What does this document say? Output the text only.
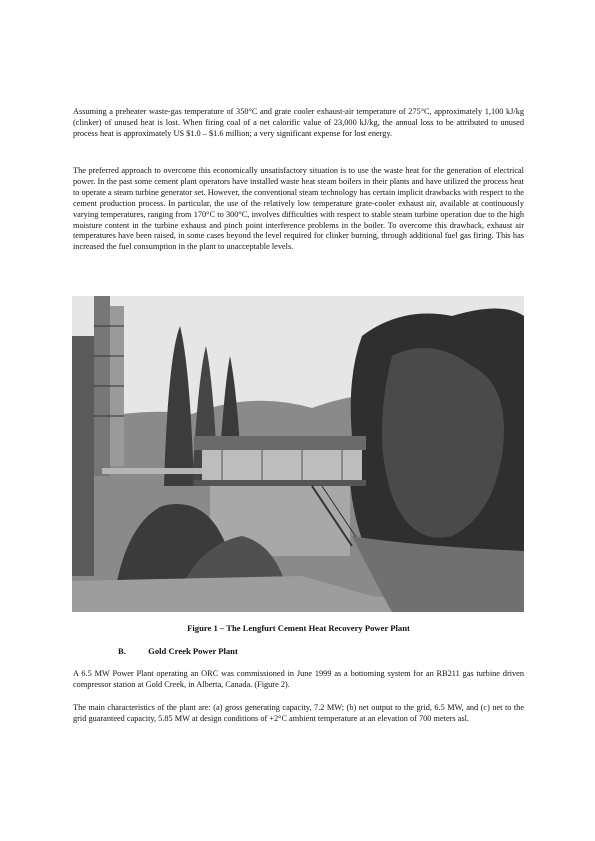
Assuming a preheater waste-gas temperature of 350°C and grate cooler exhaust-air temperature of 275°C, approximately 1,100 kJ/kg (clinker) of unused heat is lost. When firing coal of a net calorific value of 23,000 kJ/kg, the annual loss to be attributed to unused process heat is approximately US $1.0 – $1.6 million; a very significant expense for lost energy.

The preferred approach to overcome this economically unsatisfactory situation is to use the waste heat for the generation of electrical power. In the past some cement plant operators have installed waste heat steam boilers in their plants and have utilized the process heat to operate a steam turbine generator set. However, the conventional steam technology has certain implicit drawbacks with respect to the cement production process. In particular, the use of the relatively low temperature grate-cooler exhaust air, available at continuously varying temperatures, ranging from 170°C to 300°C, involves difficulties with respect to stable steam turbine operation due to the high moisture content in the turbine exhaust and pinch point interference problems in the boiler. To overcome this drawback, exhaust air temperatures have been raised, in some cases beyond the level required for clinker burning, through additional fuel gas firing. This has increased the fuel consumption in the plant to unacceptable levels.

Figure 1 – The Lengfurt Cement Heat Recovery Power Plant
B.	Gold Creek Power Plant

A 6.5 MW Power Plant operating an ORC was commissioned in June 1999 as a bottoming system for an RB211 gas turbine driven compressor station at Gold Creek, in Alberta, Canada. (Figure 2).

The main characteristics of the plant are: (a) gross generating capacity, 7.2 MW; (b) net output to the grid, 6.5 MW, and (c) net to the grid guaranteed capacity, 5.85 MW at design conditions of +2°C ambient temperature at an elevation of 700 meters asl.
